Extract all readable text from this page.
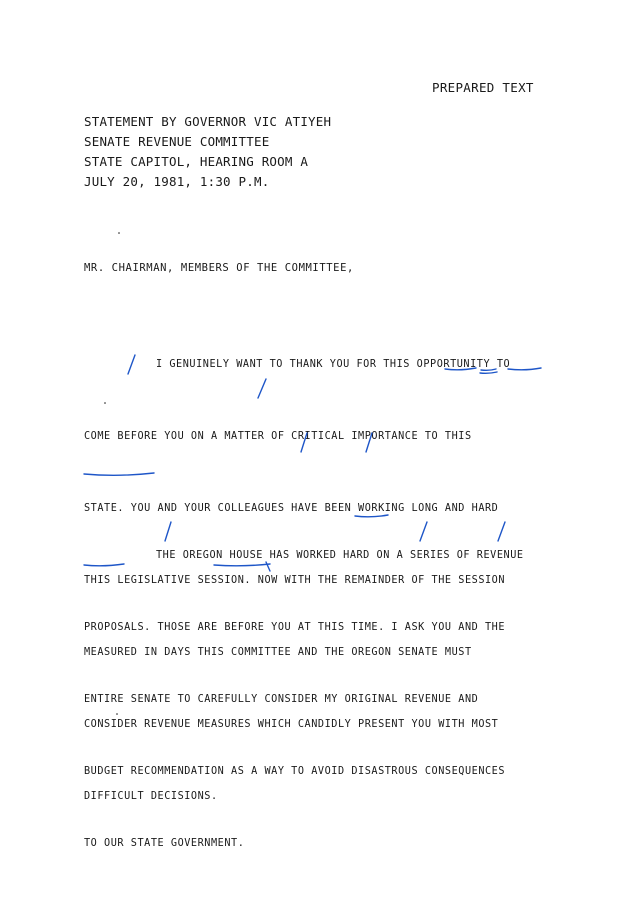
PREPARED TEXT
STATEMENT BY GOVERNOR VIC ATIYEH
SENATE REVENUE COMMITTEE
STATE CAPITOL, HEARING ROOM A
JULY 20, 1981, 1:30 P.M.
MR. CHAIRMAN, MEMBERS OF THE COMMITTEE,

I GENUINELY WANT TO THANK YOU FOR THIS OPPORTUNITY TO

COME BEFORE YOU ON A MATTER OF CRITICAL IMPORTANCE TO THIS

STATE. YOU AND YOUR COLLEAGUES HAVE BEEN WORKING LONG AND HARD

THIS LEGISLATIVE SESSION. NOW WITH THE REMAINDER OF THE SESSION

MEASURED IN DAYS THIS COMMITTEE AND THE OREGON SENATE MUST

CONSIDER REVENUE MEASURES WHICH CANDIDLY PRESENT YOU WITH MOST

DIFFICULT DECISIONS.

THE OREGON HOUSE HAS WORKED HARD ON A SERIES OF REVENUE

PROPOSALS. THOSE ARE BEFORE YOU AT THIS TIME. I ASK YOU AND THE

ENTIRE SENATE TO CAREFULLY CONSIDER MY ORIGINAL REVENUE AND

BUDGET RECOMMENDATION AS A WAY TO AVOID DISASTROUS CONSEQUENCES

TO OUR STATE GOVERNMENT.
